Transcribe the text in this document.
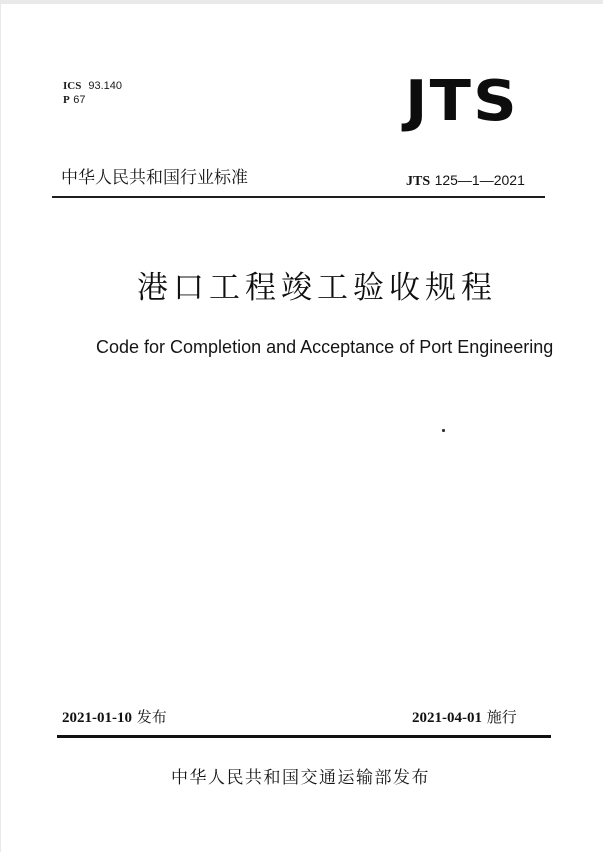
ICS 93.140
P 67	JTS
中华人民共和国行业标准	JTS 125—1—2021
港口工程竣工验收规程
Code for Completion and Acceptance of Port Engineering
2021-01-10 发布	2021-04-01 施行
中华人民共和国交通运输部发布
